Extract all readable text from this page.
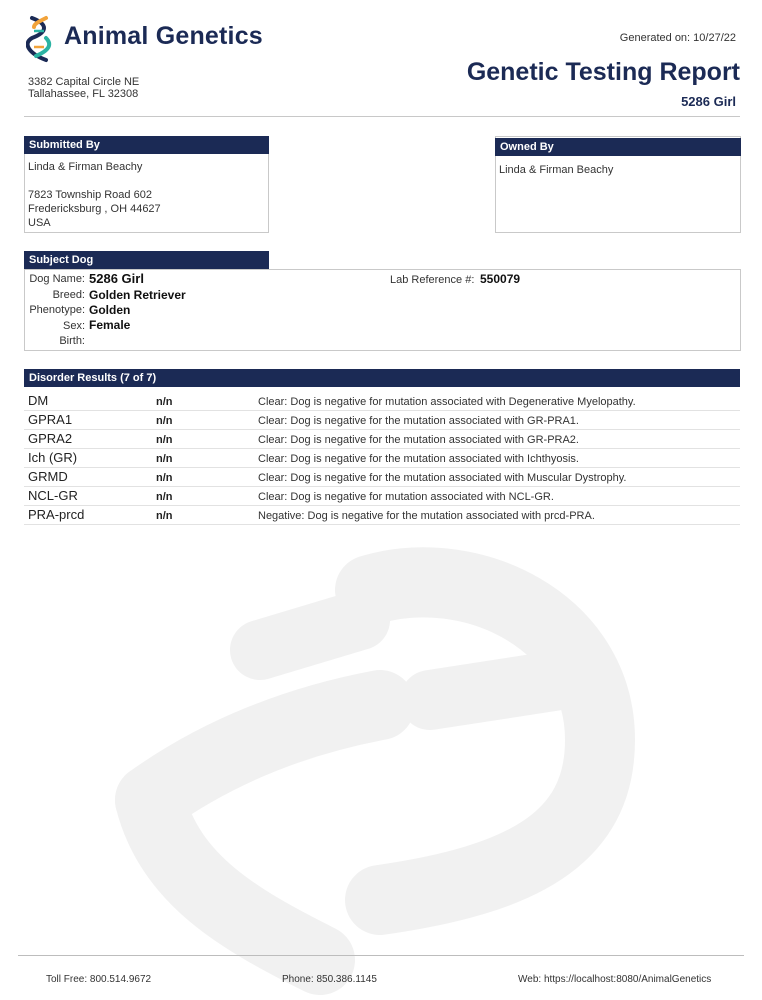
Animal Genetics
3382 Capital Circle NE
Tallahassee, FL 32308
Generated on: 10/27/22
Genetic Testing Report
5286 Girl
Submitted By
Linda & Firman Beachy
7823 Township Road 602
Fredericksburg , OH 44627
USA
Owned By
Linda & Firman Beachy
Subject Dog
Dog Name: 5286 Girl
Breed: Golden Retriever
Phenotype: Golden
Sex: Female
Birth:
Lab Reference #: 550079
Disorder Results (7 of 7)
DM	n/n	Clear: Dog is negative for mutation associated with Degenerative Myelopathy.
GPRA1	n/n	Clear: Dog is negative for the mutation associated with GR-PRA1.
GPRA2	n/n	Clear: Dog is negative for the mutation associated with GR-PRA2.
Ich (GR)	n/n	Clear: Dog is negative for the mutation associated with Ichthyosis.
GRMD	n/n	Clear: Dog is negative for the mutation associated with Muscular Dystrophy.
NCL-GR	n/n	Clear: Dog is negative for mutation associated with NCL-GR.
PRA-prcd	n/n	Negative: Dog is negative for the mutation associated with prcd-PRA.
Toll Free: 800.514.9672	Phone: 850.386.1145	Web: https://localhost:8080/AnimalGenetics
